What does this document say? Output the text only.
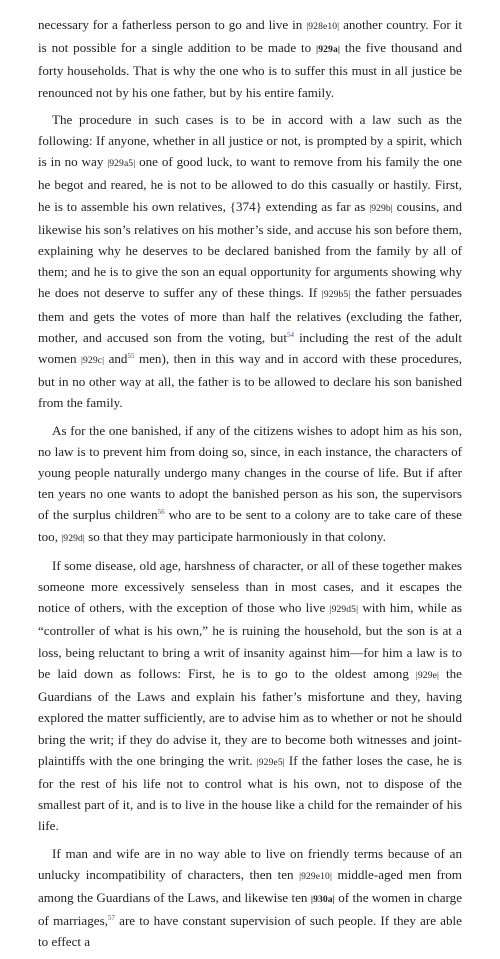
necessary for a fatherless person to go and live in |928e10| another country. For it is not possible for a single addition to be made to |929a| the five thousand and forty households. That is why the one who is to suffer this must in all justice be renounced not by his one father, but by his entire family.

The procedure in such cases is to be in accord with a law such as the following: If anyone, whether in all justice or not, is prompted by a spirit, which is in no way |929a5| one of good luck, to want to remove from his family the one he begot and reared, he is not to be allowed to do this casually or hastily. First, he is to assemble his own relatives, {374} extending as far as |929b| cousins, and likewise his son’s relatives on his mother’s side, and accuse his son before them, explaining why he deserves to be declared banished from the family by all of them; and he is to give the son an equal opportunity for arguments showing why he does not deserve to suffer any of these things. If |929b5| the father persuades them and gets the votes of more than half the relatives (excluding the father, mother, and accused son from the voting, but$^{54}$ including the rest of the adult women |929c| and$^{55}$ men), then in this way and in accord with these procedures, but in no other way at all, the father is to be allowed to declare his son banished from the family.

As for the one banished, if any of the citizens wishes to adopt him as his son, no law is to prevent him from doing so, since, in each instance, the characters of young people naturally undergo many changes in the course of life. But if after ten years no one wants to adopt the banished person as his son, the supervisors of the surplus children$^{56}$ who are to be sent to a colony are to take care of these too, |929d| so that they may participate harmoniously in that colony.

If some disease, old age, harshness of character, or all of these together makes someone more excessively senseless than in most cases, and it escapes the notice of others, with the exception of those who live |929d5| with him, while as “controller of what is his own,” he is ruining the household, but the son is at a loss, being reluctant to bring a writ of insanity against him—for him a law is to be laid down as follows: First, he is to go to the oldest among |929e| the Guardians of the Laws and explain his father’s misfortune and they, having explored the matter sufficiently, are to advise him as to whether or not he should bring the writ; if they do advise it, they are to become both witnesses and joint-plaintiffs with the one bringing the writ. |929e5| If the father loses the case, he is for the rest of his life not to control what is his own, not to dispose of the smallest part of it, and is to live in the house like a child for the remainder of his life.

If man and wife are in no way able to live on friendly terms because of an unlucky incompatibility of characters, then ten |929e10| middle-aged men from among the Guardians of the Laws, and likewise ten |930a| of the women in charge of marriages,$^{57}$ are to have constant supervision of such people. If they are able to effect a
